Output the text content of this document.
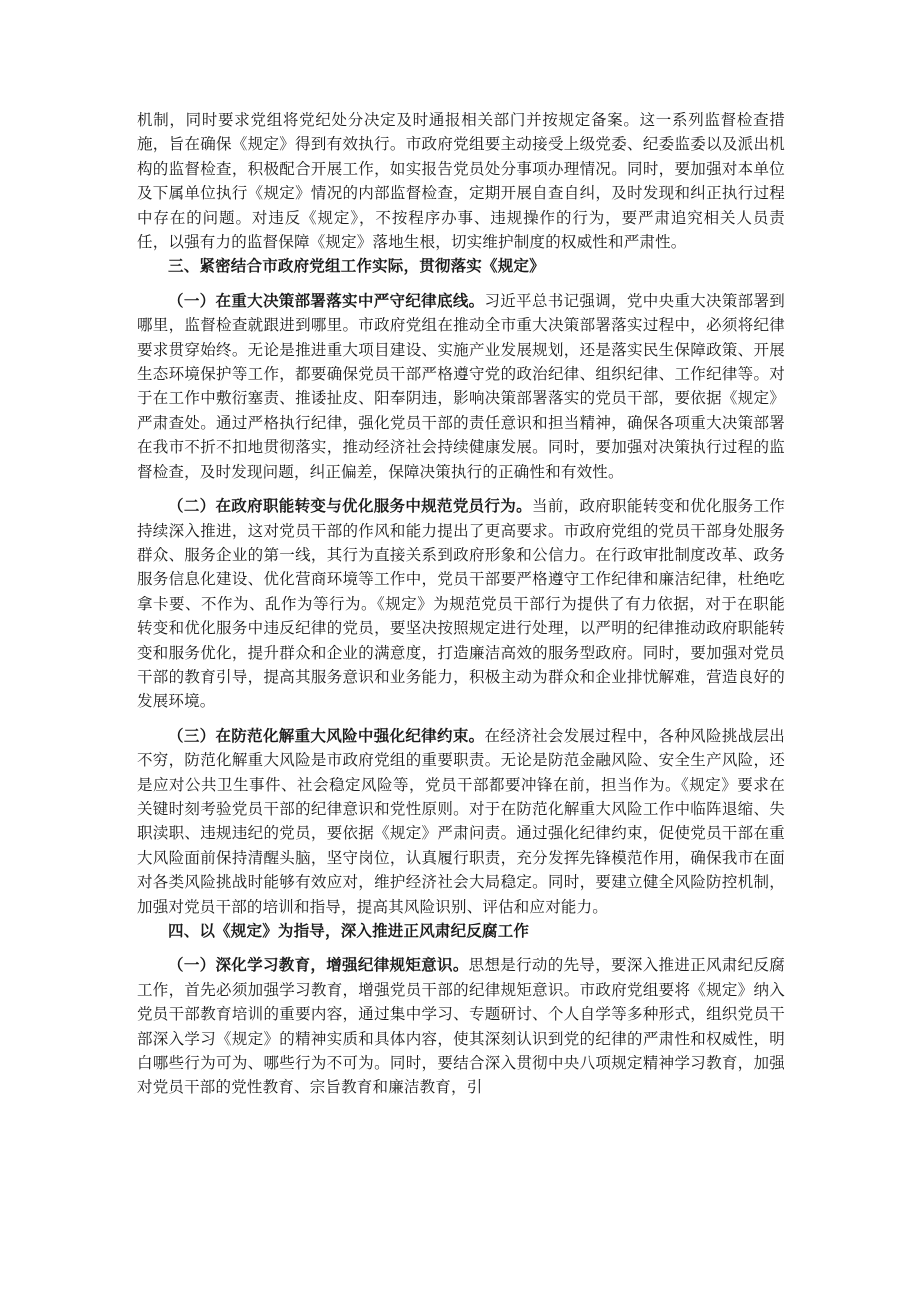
机制，同时要求党组将党纪处分决定及时通报相关部门并按规定备案。这一系列监督检查措施，旨在确保《规定》得到有效执行。市政府党组要主动接受上级党委、纪委监委以及派出机构的监督检查，积极配合开展工作，如实报告党员处分事项办理情况。同时，要加强对本单位及下属单位执行《规定》情况的内部监督检查，定期开展自查自纠，及时发现和纠正执行过程中存在的问题。对违反《规定》，不按程序办事、违规操作的行为，要严肃追究相关人员责任，以强有力的监督保障《规定》落地生根，切实维护制度的权威性和严肃性。

三、紧密结合市政府党组工作实际，贯彻落实《规定》

（一）在重大决策部署落实中严守纪律底线。习近平总书记强调，党中央重大决策部署到哪里，监督检查就跟进到哪里。市政府党组在推动全市重大决策部署落实过程中，必须将纪律要求贯穿始终。无论是推进重大项目建设、实施产业发展规划，还是落实民生保障政策、开展生态环境保护等工作，都要确保党员干部严格遵守党的政治纪律、组织纪律、工作纪律等。对于在工作中敷衍塞责、推诿扯皮、阳奉阴违，影响决策部署落实的党员干部，要依据《规定》严肃查处。通过严格执行纪律，强化党员干部的责任意识和担当精神，确保各项重大决策部署在我市不折不扣地贯彻落实，推动经济社会持续健康发展。同时，要加强对决策执行过程的监督检查，及时发现问题，纠正偏差，保障决策执行的正确性和有效性。

（二）在政府职能转变与优化服务中规范党员行为。当前，政府职能转变和优化服务工作持续深入推进，这对党员干部的作风和能力提出了更高要求。市政府党组的党员干部身处服务群众、服务企业的第一线，其行为直接关系到政府形象和公信力。在行政审批制度改革、政务服务信息化建设、优化营商环境等工作中，党员干部要严格遵守工作纪律和廉洁纪律，杜绝吃拿卡要、不作为、乱作为等行为。《规定》为规范党员干部行为提供了有力依据，对于在职能转变和优化服务中违反纪律的党员，要坚决按照规定进行处理，以严明的纪律推动政府职能转变和服务优化，提升群众和企业的满意度，打造廉洁高效的服务型政府。同时，要加强对党员干部的教育引导，提高其服务意识和业务能力，积极主动为群众和企业排忧解难，营造良好的发展环境。

（三）在防范化解重大风险中强化纪律约束。在经济社会发展过程中，各种风险挑战层出不穷，防范化解重大风险是市政府党组的重要职责。无论是防范金融风险、安全生产风险，还是应对公共卫生事件、社会稳定风险等，党员干部都要冲锋在前，担当作为。《规定》要求在关键时刻考验党员干部的纪律意识和党性原则。对于在防范化解重大风险工作中临阵退缩、失职渎职、违规违纪的党员，要依据《规定》严肃问责。通过强化纪律约束，促使党员干部在重大风险面前保持清醒头脑，坚守岗位，认真履行职责，充分发挥先锋模范作用，确保我市在面对各类风险挑战时能够有效应对，维护经济社会大局稳定。同时，要建立健全风险防控机制，加强对党员干部的培训和指导，提高其风险识别、评估和应对能力。

四、以《规定》为指导，深入推进正风肃纪反腐工作

（一）深化学习教育，增强纪律规矩意识。思想是行动的先导，要深入推进正风肃纪反腐工作，首先必须加强学习教育，增强党员干部的纪律规矩意识。市政府党组要将《规定》纳入党员干部教育培训的重要内容，通过集中学习、专题研讨、个人自学等多种形式，组织党员干部深入学习《规定》的精神实质和具体内容，使其深刻认识到党的纪律的严肃性和权威性，明白哪些行为可为、哪些行为不可为。同时，要结合深入贯彻中央八项规定精神学习教育，加强对党员干部的党性教育、宗旨教育和廉洁教育，引
